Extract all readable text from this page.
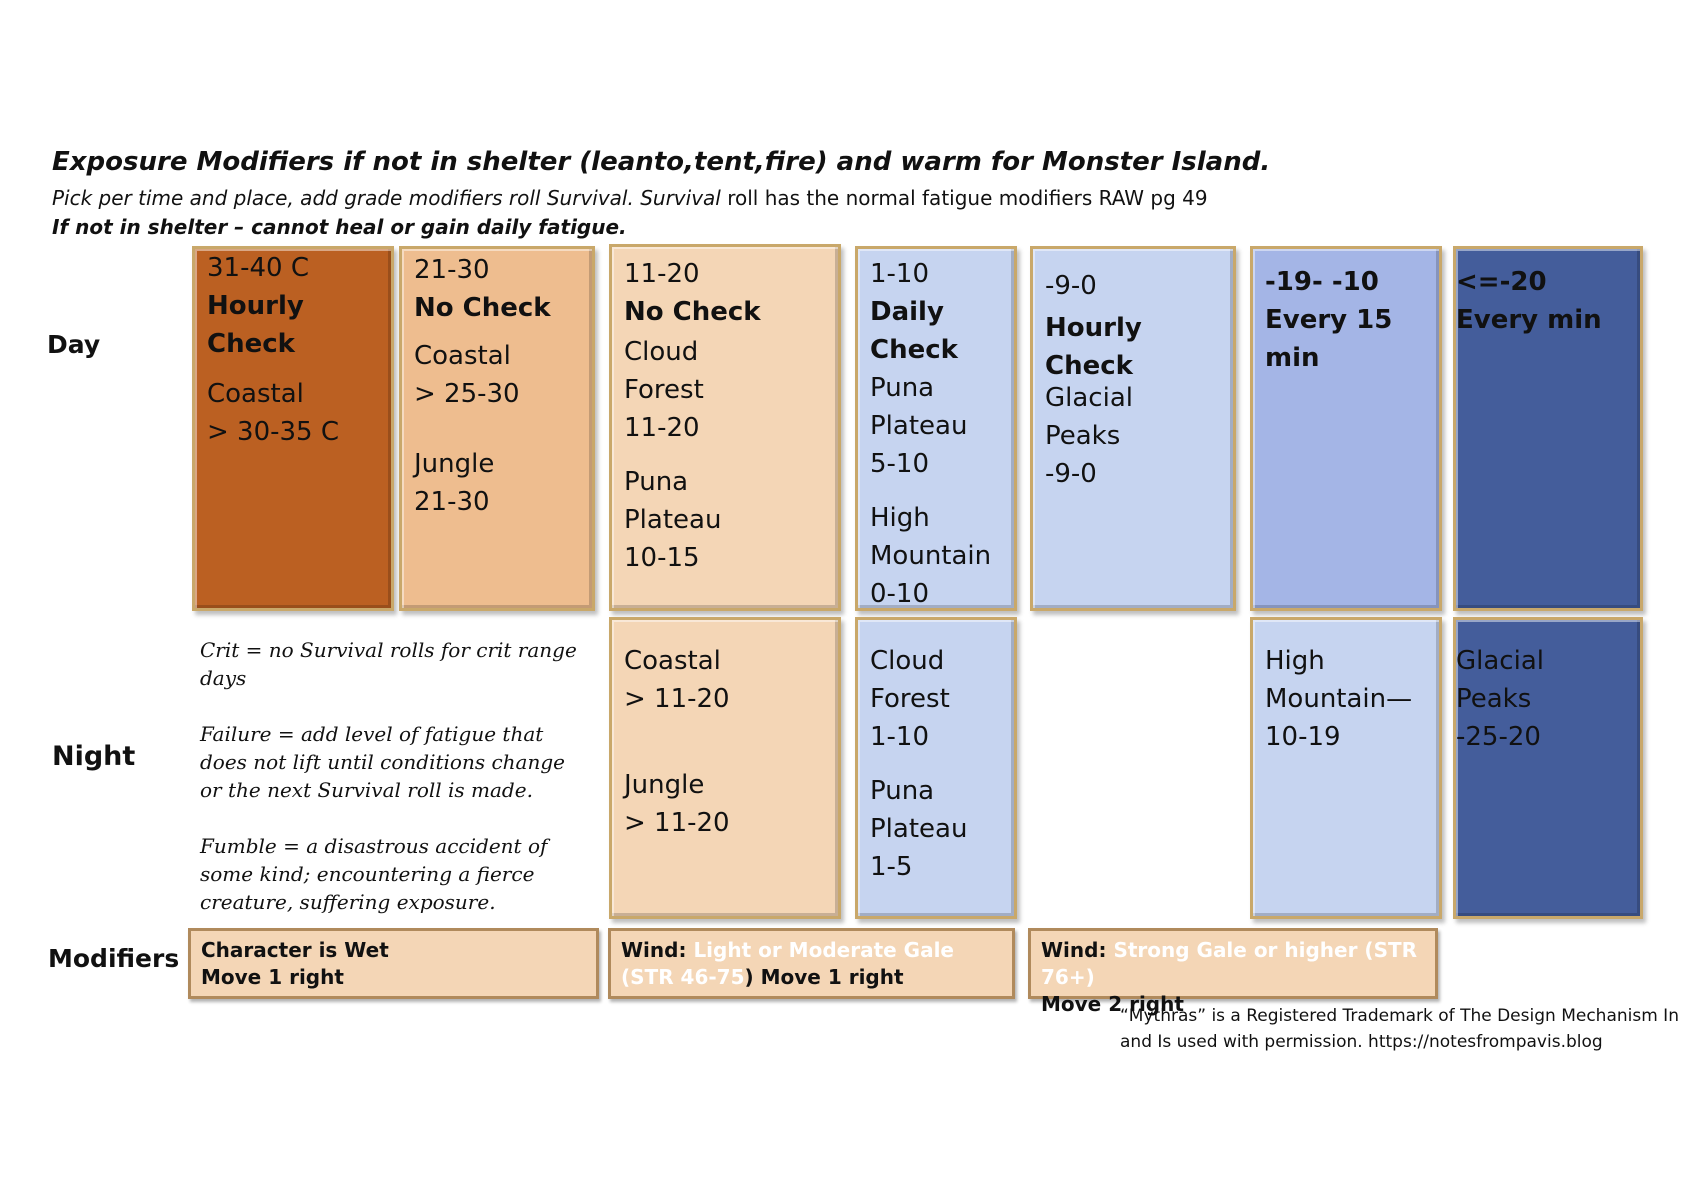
Exposure Modifiers if not in shelter (leanto,tent,fire) and warm for Monster Island.
Pick per time and place, add grade modifiers roll Survival. Survival roll has the normal fatigue modifiers RAW pg 49
If not in shelter – cannot heal or gain daily fatigue.
Day
Night
Modifiers
31-40 C
Hourly Check
Coastal
> 30-35 C
21-30
No Check
Coastal
> 25-30
Jungle
21-30
11-20
No Check
Cloud
Forest
11-20
Puna
Plateau
10-15
1-10
Daily Check
Puna
Plateau
5-10
High
Mountain
0-10
-9-0
Hourly Check
Glacial
Peaks
-9-0
-19- -10
Every 15 min
<=-20
Every min

Crit = no Survival rolls for crit range days

Failure = add level of fatigue that does not lift until conditions change or the next Survival roll is made.

Fumble = a disastrous accident of some kind; encountering a fierce creature, suffering exposure.

Coastal
> 11-20
Jungle
> 11-20
Cloud
Forest
1-10
Puna
Plateau
1-5
High
Mountain—
10-19
Glacial
Peaks
-25-20
Character is Wet
Move 1 right
Wind: Light or Moderate Gale (STR 46-75) Move 1 right
Wind: Strong Gale or higher (STR 76+)
Move 2 right
“Mythras” is a Registered Trademark of The Design Mechanism In
and Is used with permission. https://notesfrompavis.blog
